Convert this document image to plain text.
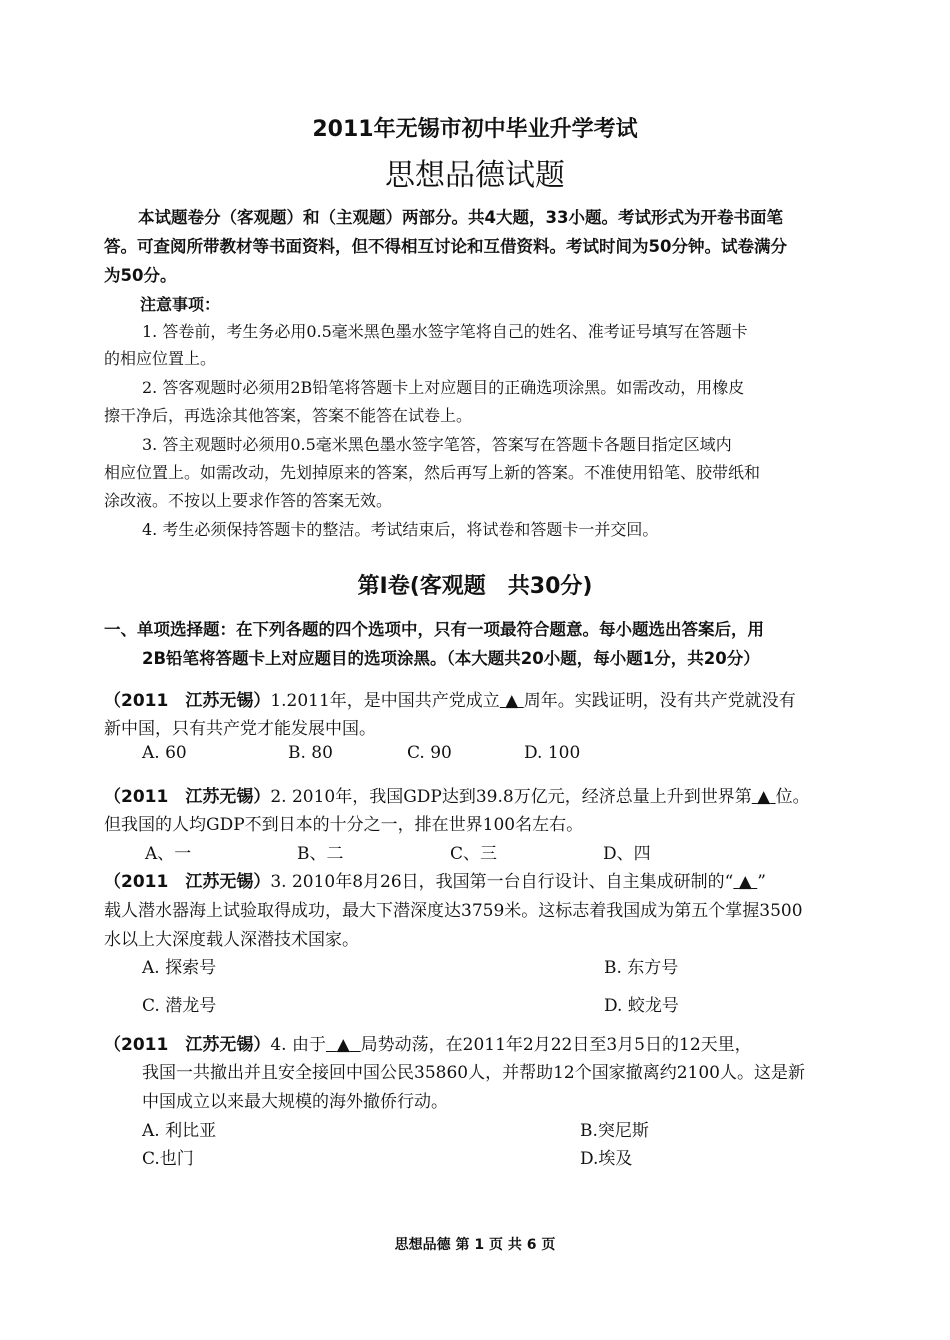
2011年无锡市初中毕业升学考试
思想品德试题
本试题卷分（客观题）和（主观题）两部分。共4大题，33小题。考试形式为开卷书面笔
答。可查阅所带教材等书面资料，但不得相互讨论和互借资料。考试时间为50分钟。试卷满分
为50分。
注意事项：
1. 答卷前，考生务必用0.5毫米黑色墨水签字笔将自己的姓名、准考证号填写在答题卡
的相应位置上。
2. 答客观题时必须用2B铅笔将答题卡上对应题目的正确选项涂黑。如需改动，用橡皮
擦干净后，再选涂其他答案，答案不能答在试卷上。
3. 答主观题时必须用0.5毫米黑色墨水签字笔答，答案写在答题卡各题目指定区域内
相应位置上。如需改动，先划掉原来的答案，然后再写上新的答案。不准使用铅笔、胶带纸和
涂改液。不按以上要求作答的答案无效。
4. 考生必须保持答题卡的整洁。考试结束后，将试卷和答题卡一并交回。
第Ⅰ卷(客观题　共30分)
一、单项选择题：在下列各题的四个选项中，只有一项最符合题意。每小题选出答案后，用
2B铅笔将答题卡上对应题目的选项涂黑。（本大题共20小题，每小题1分，共20分）
（2011　江苏无锡）1.2011年，是中国共产党成立 ▲ 周年。实践证明，没有共产党就没有
新中国，只有共产党才能发展中国。
A. 60	B. 80	C. 90	D. 100
（2011　江苏无锡）2. 2010年，我国GDP达到39.8万亿元，经济总量上升到世界第 ▲ 位。
但我国的人均GDP不到日本的十分之一，排在世界100名左右。
A、一	B、二	C、三	D、四
（2011　江苏无锡）3. 2010年8月26日，我国第一台自行设计、自主集成研制的“ ▲ ”
载人潜水器海上试验取得成功，最大下潜深度达3759米。这标志着我国成为第五个掌握3500
水以上大深度载人深潜技术国家。
A. 探索号	B. 东方号
C. 潜龙号	D. 蛟龙号
（2011　江苏无锡）4. 由于 ▲ 局势动荡，在2011年2月22日至3月5日的12天里，
我国一共撤出并且安全接回中国公民35860人，并帮助12个国家撤离约2100人。这是新
中国成立以来最大规模的海外撤侨行动。
A. 利比亚	B.突尼斯
C.也门	D.埃及
思想品德 第 1 页 共 6 页
